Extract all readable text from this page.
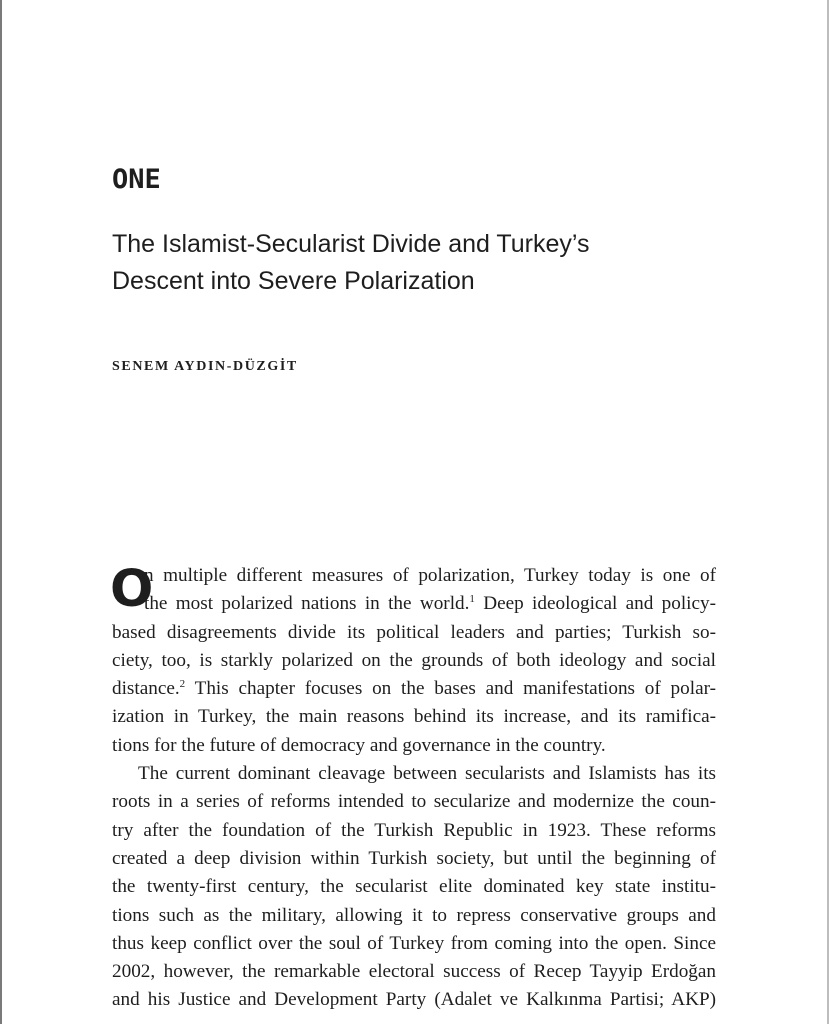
ONE
The Islamist-Secularist Divide and Turkey’s
Descent into Severe Polarization
SENEM AYDIN-DÜZGİT
O
n multiple different measures of polarization, Turkey today is one of
the most polarized nations in the world.$^1$ Deep ideological and policy-
based disagreements divide its political leaders and parties; Turkish so-
ciety, too, is starkly polarized on the grounds of both ideology and social
distance.$^2$ This chapter focuses on the bases and manifestations of polar-
ization in Turkey, the main reasons behind its increase, and its ramifica-
tions for the future of democracy and governance in the country.
The current dominant cleavage between secularists and Islamists has its
roots in a series of reforms intended to secularize and modernize the coun-
try after the foundation of the Turkish Republic in 1923. These reforms
created a deep division within Turkish society, but until the beginning of
the twenty-first century, the secularist elite dominated key state institu-
tions such as the military, allowing it to repress conservative groups and
thus keep conflict over the soul of Turkey from coming into the open. Since
2002, however, the remarkable electoral success of Recep Tayyip Erdoğan
and his Justice and Development Party (Adalet ve Kalkınma Partisi; AKP)
